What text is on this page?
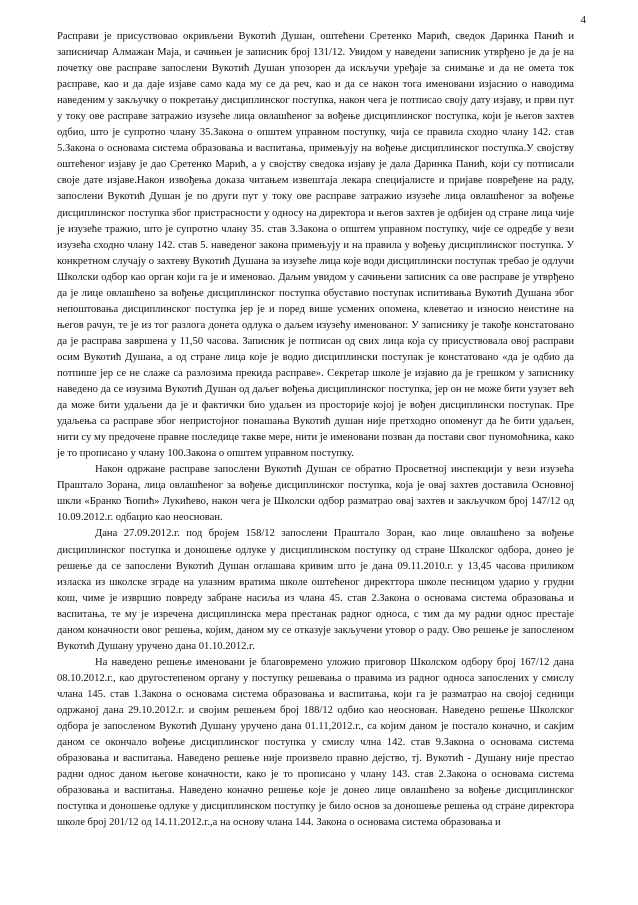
4

Расправи је присуствовао окривљени Вукотић Душан, оштећени Сретенко Марић, сведок Даринка Панић и записничар Алмажан Маја, и сачињен је записник број 131/12. Увидом у наведени записник утврђено је да је на почетку ове расправе запослени Вукотић Душан упозорен да искључи уређаје за снимање и да не омета ток расправе, као и да даје изјаве само када му се да реч, као и да се након тога именовани изјаснио о наводима наведеним у закључку о покретању дисциплинског поступка, након чега је потписао своју дату изјаву, и први пут у току ове расправе затражио изузеће лица овлашћеног за вођење дисциплинског поступка, који је његов захтев одбио, што је супротно члану 35.Закона о општем управном поступку, чија се правила сходно члану 142. став 5.Закона о основама система образовања и васпитања, примењују на вођење дисциплинског поступка.У својству оштећеног изјаву је дао Сретенко Марић, а у својству сведока изјаву је дала Даринка Панић, који су потписали своје дате изјаве.Након извођења доказа читањем извештаја лекара специјалисте и пријаве повређене на раду, запослени Вукотић Душан је по други пут у току ове расправе затражио изузеће лица овлашћеног за вођење дисциплинског поступка због пристрасности у односу на директора и његов захтев је одбијен од стране лица чије је изузеће тражио, што је супротно члану 35. став 3.Закона о општем управном поступку, чије се одредбе у вези изузећа сходно члану 142. став 5. наведеног закона примењују и на правила у вођењу дисциплинског поступка. У конкретном случају о захтеву Вукотић Душана за изузеће лица које води дисциплински поступак требао је одлучи Школски одбор као орган који га је и именовао. Даљим увидом у сачињени записник са ове расправе је утврђено да је лице овлашћено за вођење дисциплинског поступка обуставио поступак испитивања Вукотић Душана због непоштовања дисциплинског поступка јер је и поред више усмених опомена, клеветао и износио неистине на његов рачун, те је из тог разлога донета одлука о даљем изузећу именованог. У записнику је такође констатовано да је расправа завршена у 11,50 часова. Записник је потписан од свих лица која су присуствовала овој расправи осим Вукотић Душана, а од стране лица које је водио дисциплински поступак је констатовано «да је одбио да потпише јер се не слаже са разлозима прекида расправе». Секретар школе је изјавио да је грешком у записнику наведено да се изузима Вукотић Душан од даљег вођења дисциплинског поступка, јер он не може бити узузет већ да може бити удаљени да је и фактички био удаљен из просторије којој је вођен дисциплински поступак. Пре удаљења са расправе због непристојног понашања Вукотић душан није претходно опоменут да ће бити удаљен, нити су му предочене правне последице такве мере, нити је именовани позван да постави свог пуномоћника, како је то прописано у члану 100.Закона о општем управном поступку.

Након одржане расправе запослени Вукотић Душан се обратио Просветној инспекцији у вези изузећа Праштало Зорана, лица овлашћеног за вођење дисциплинског поступка, која је овај захтев доставила Основној шкли «Бранко Ћопић» Лукићево, након чега је Школски одбор разматрао овај захтев и закључком број 147/12 од 10.09.2012.г. одбацио као неоснован.

Дана 27.09.2012.г. под бројем 158/12 запослени Праштало Зоран, као лице овлашћено за вођење дисциплинског поступка и доношење одлуке у дисциплинском поступку од стране Школског одбора, донео је решење да се запослени Вукотић Душан оглашава кривим што је дана 09.11.2010.г. у 13,45 часова приликом изласка из школске зграде на улазним вратима школе оштећеног директтора школе песницом ударио у грудни кош, чиме је извршио повреду забране насиља из члана 45. став 2.Закона о основама система образовања и васпитања, те му је изречена дисциплинска мера престанак радног односа, с тим да му радни однос престаје даном коначности овог решења, којим, даном му се отказује закључени утовор о раду. Ово решење је запосленом Вукотић Душану уручено дана 01.10.2012.г.

На наведено решење именовани је благовремено уложио приговор Школском одбору број 167/12 дана 08.10.2012.г., као другостепеном органу у поступку решевања о правима из радног односа запослених у смислу члана 145. став 1.Закона о основама система образовања и васпитања, који га је разматрао на својој седници одржаној дана 29.10.2012.г. и својим решењем број 188/12 одбио као неоснован. Наведено решење Школског одбора је запосленом Вукотић Душану уручено дана 01.11,2012.г., са којим даном је постало коначно, и сакјим даном се окончало вођење дисциплинског поступка у смислу члна 142. став 9.Закона о основама система образовања и васпитања. Наведено решење није произвело правно дејство, тј. Вукотић - Душану није престао радни однос даном његове коначности, како је то прописано у члану 143. став 2.Закона о основама система образовања и васпитања. Наведено коначно решење које је донео лице овлашћено за вођење дисциплинског поступка и доношење одлуке у дисциплинском поступку је било основ за доношење решења од стране директора школе број 201/12 од 14.11.2012.г.,а на основу члана 144. Закона о основама система образовања и
